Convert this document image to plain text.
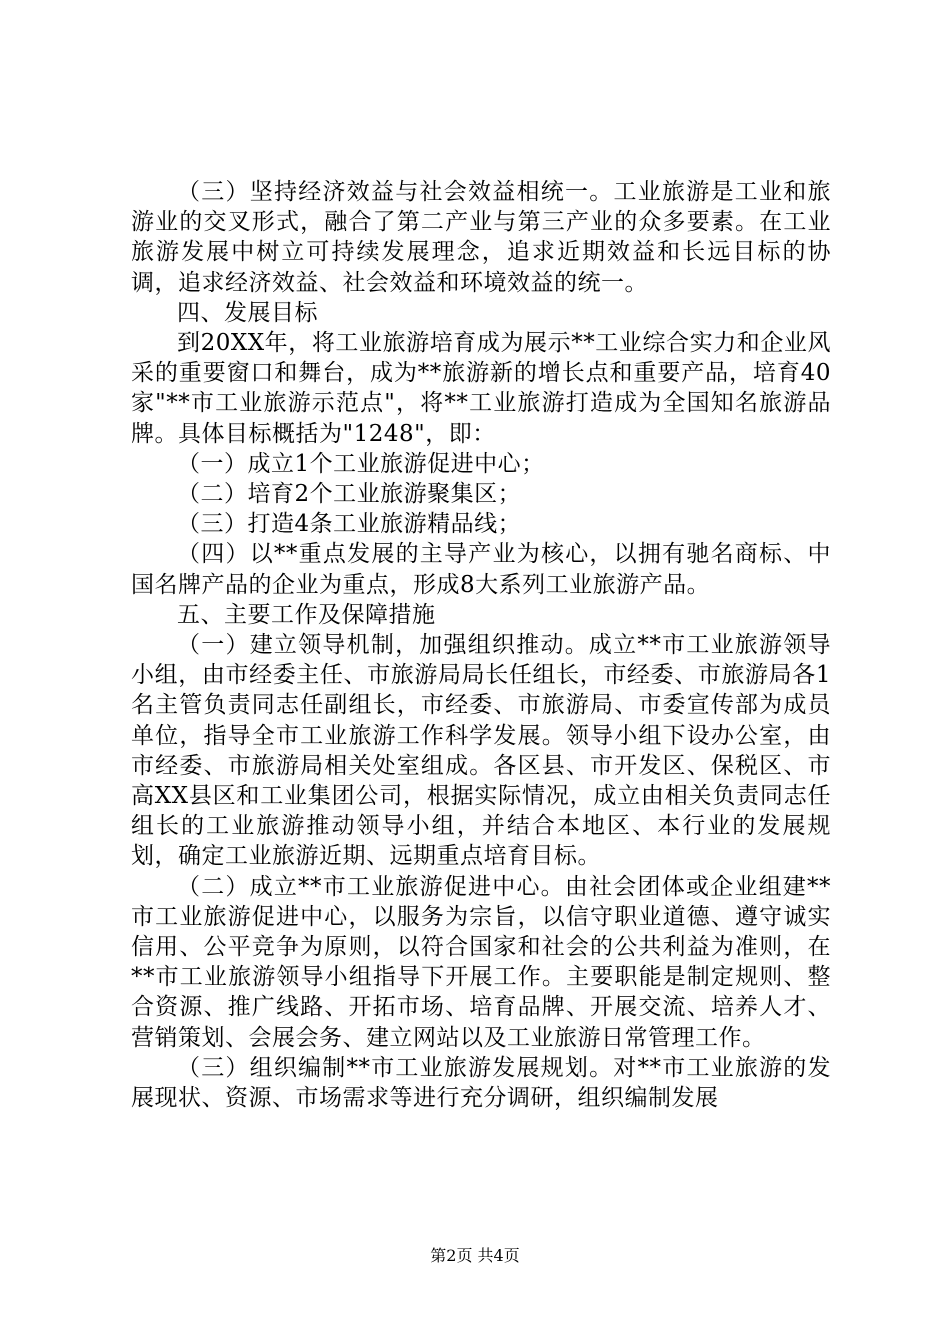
（三）坚持经济效益与社会效益相统一。工业旅游是工业和旅游业的交叉形式，融合了第二产业与第三产业的众多要素。在工业旅游发展中树立可持续发展理念，追求近期效益和长远目标的协调，追求经济效益、社会效益和环境效益的统一。

四、发展目标

到20XX年，将工业旅游培育成为展示**工业综合实力和企业风采的重要窗口和舞台，成为**旅游新的增长点和重要产品，培育40家"**市工业旅游示范点"，将**工业旅游打造成为全国知名旅游品牌。具体目标概括为"1248"，即：

（一）成立1个工业旅游促进中心；

（二）培育2个工业旅游聚集区；

（三）打造4条工业旅游精品线；

（四）以**重点发展的主导产业为核心，以拥有驰名商标、中国名牌产品的企业为重点，形成8大系列工业旅游产品。

五、主要工作及保障措施

（一）建立领导机制，加强组织推动。成立**市工业旅游领导小组，由市经委主任、市旅游局局长任组长，市经委、市旅游局各1名主管负责同志任副组长，市经委、市旅游局、市委宣传部为成员单位，指导全市工业旅游工作科学发展。领导小组下设办公室，由市经委、市旅游局相关处室组成。各区县、市开发区、保税区、市高XX县区和工业集团公司，根据实际情况，成立由相关负责同志任组长的工业旅游推动领导小组，并结合本地区、本行业的发展规划，确定工业旅游近期、远期重点培育目标。

（二）成立**市工业旅游促进中心。由社会团体或企业组建**市工业旅游促进中心，以服务为宗旨，以信守职业道德、遵守诚实信用、公平竞争为原则，以符合国家和社会的公共利益为准则，在**市工业旅游领导小组指导下开展工作。主要职能是制定规则、整合资源、推广线路、开拓市场、培育品牌、开展交流、培养人才、营销策划、会展会务、建立网站以及工业旅游日常管理工作。

（三）组织编制**市工业旅游发展规划。对**市工业旅游的发展现状、资源、市场需求等进行充分调研，组织编制发展

第2页 共4页
